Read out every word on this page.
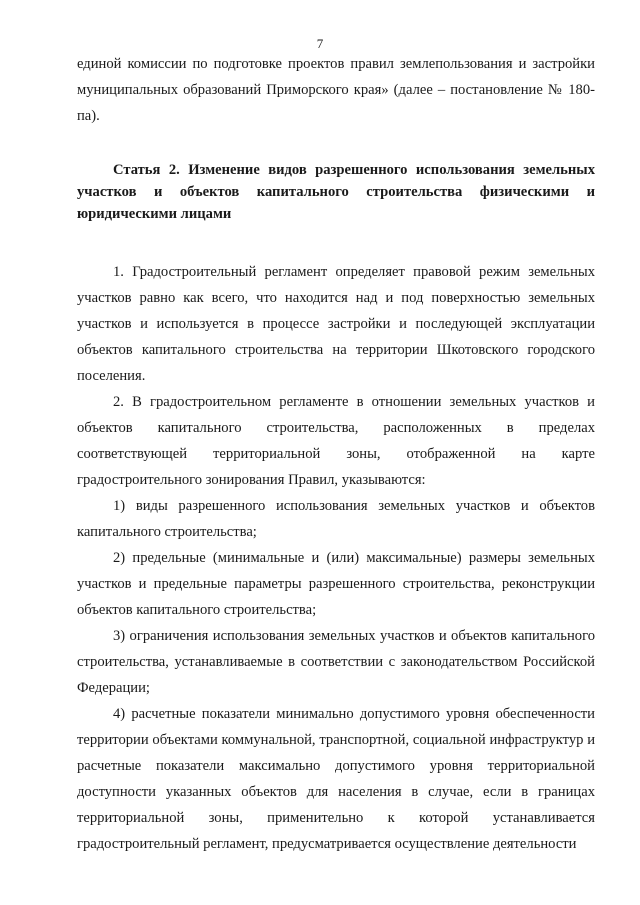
7

единой комиссии по подготовке проектов правил землепользования и застройки муниципальных образований Приморского края» (далее – постановление № 180-па).

Статья 2. Изменение видов разрешенного использования земельных участков и объектов капитального строительства физическими и юридическими лицами

1. Градостроительный регламент определяет правовой режим земельных участков равно как всего, что находится над и под поверхностью земельных участков и используется в процессе застройки и последующей эксплуатации объектов капитального строительства на территории Шкотовского городского поселения.

2. В градостроительном регламенте в отношении земельных участков и объектов капитального строительства, расположенных в пределах соответствующей территориальной зоны, отображенной на карте градостроительного зонирования Правил, указываются:

1) виды разрешенного использования земельных участков и объектов капитального строительства;

2) предельные (минимальные и (или) максимальные) размеры земельных участков и предельные параметры разрешенного строительства, реконструкции объектов капитального строительства;

3) ограничения использования земельных участков и объектов капитального строительства, устанавливаемые в соответствии с законодательством Российской Федерации;

4) расчетные показатели минимально допустимого уровня обеспеченности территории объектами коммунальной, транспортной, социальной инфраструктур и расчетные показатели максимально допустимого уровня территориальной доступности указанных объектов для населения в случае, если в границах территориальной зоны, применительно к которой устанавливается градостроительный регламент, предусматривается осуществление деятельности
